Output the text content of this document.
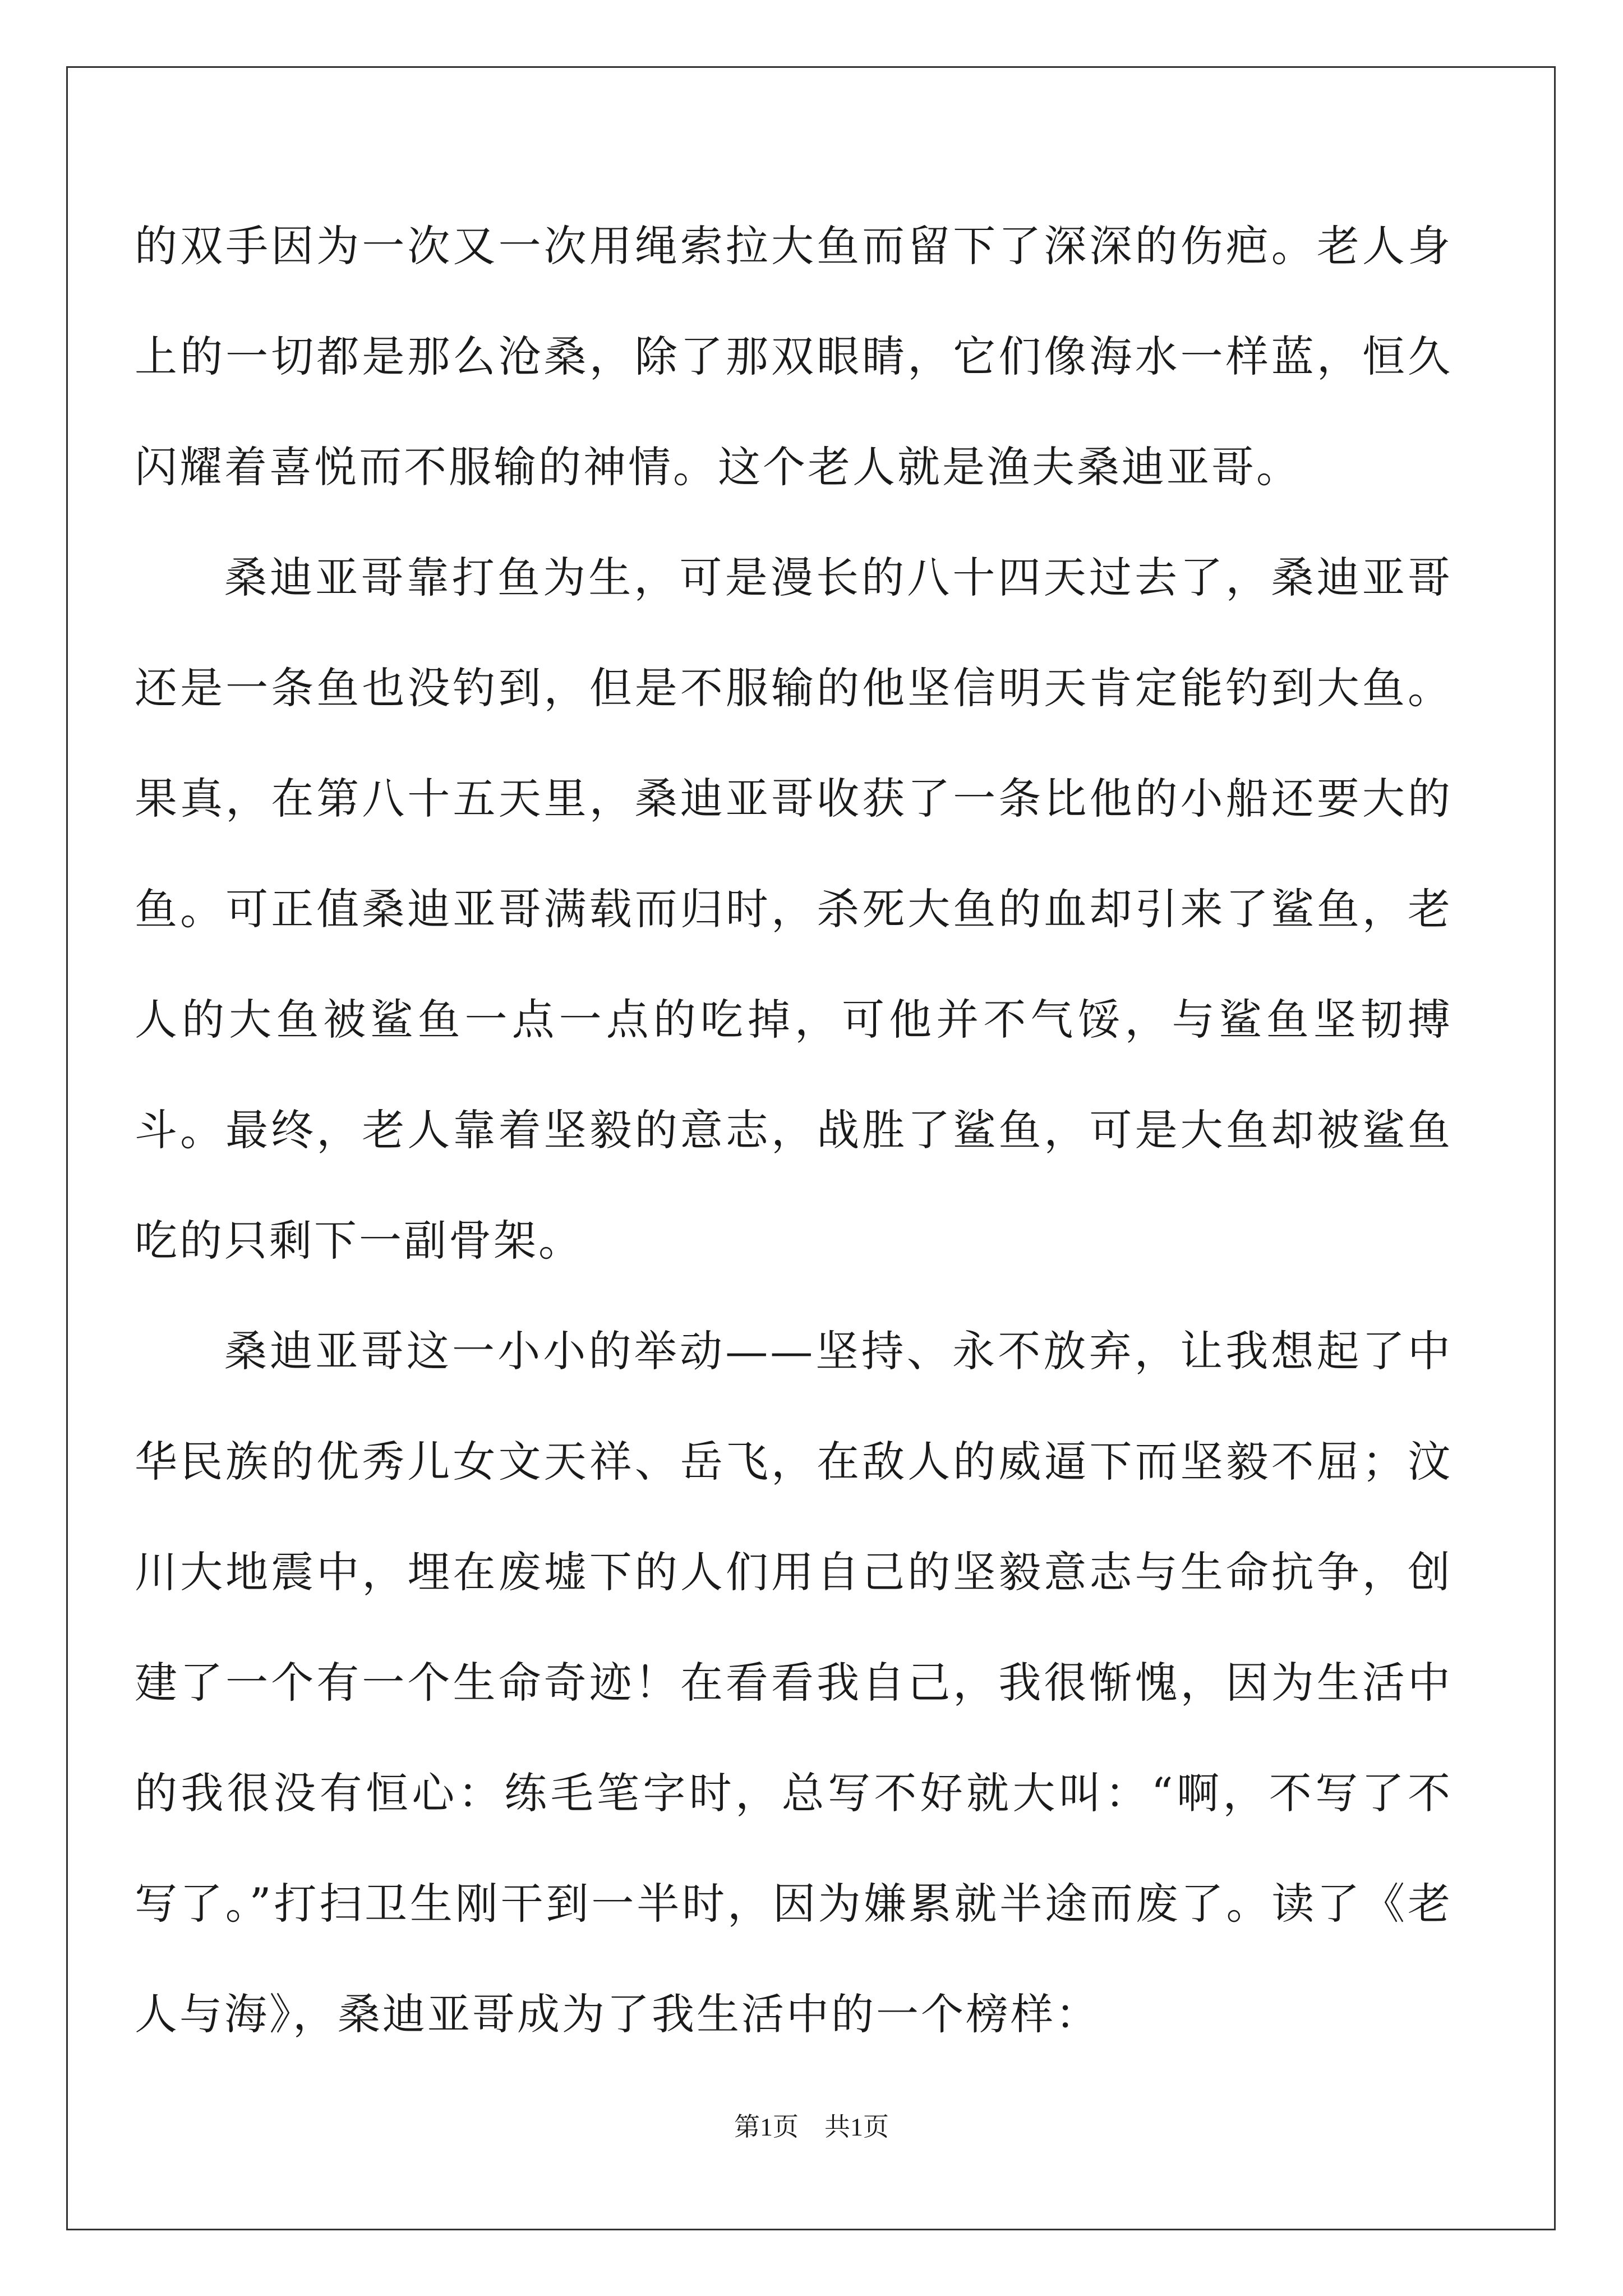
的双手因为一次又一次用绳索拉大鱼而留下了深深的伤疤。老人身上的一切都是那么沧桑，除了那双眼睛，它们像海水一样蓝，恒久闪耀着喜悦而不服输的神情。这个老人就是渔夫桑迪亚哥。

桑迪亚哥靠打鱼为生，可是漫长的八十四天过去了，桑迪亚哥还是一条鱼也没钓到，但是不服输的他坚信明天肯定能钓到大鱼。果真，在第八十五天里，桑迪亚哥收获了一条比他的小船还要大的鱼。可正值桑迪亚哥满载而归时，杀死大鱼的血却引来了鲨鱼，老人的大鱼被鲨鱼一点一点的吃掉，可他并不气馁，与鲨鱼坚韧搏斗。最终，老人靠着坚毅的意志，战胜了鲨鱼，可是大鱼却被鲨鱼吃的只剩下一副骨架。

桑迪亚哥这一小小的举动——坚持、永不放弃，让我想起了中华民族的优秀儿女文天祥、岳飞，在敌人的威逼下而坚毅不屈；汶川大地震中，埋在废墟下的人们用自己的坚毅意志与生命抗争，创建了一个有一个生命奇迹！在看看我自己，我很惭愧，因为生活中的我很没有恒心：练毛笔字时，总写不好就大叫：“啊，不写了不写了。”打扫卫生刚干到一半时，因为嫌累就半途而废了。读了《老人与海》，桑迪亚哥成为了我生活中的一个榜样：

第1页　共1页
